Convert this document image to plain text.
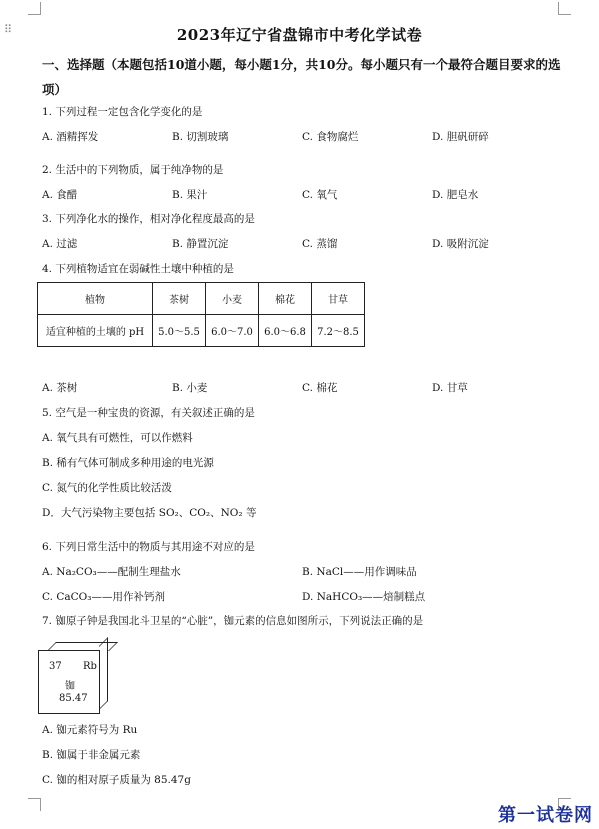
⠿	2023年辽宁省盘锦市中考化学试卷
一、选择题（本题包括10道小题，每小题1分，共10分。每小题只有一个最符合题目要求的选项）
1. 下列过程一定包含化学变化的是
A. 酒精挥发	B. 切割玻璃	C. 食物腐烂	D. 胆矾研碎
2. 生活中的下列物质，属于纯净物的是
A. 食醋	B. 果汁	C. 氧气	D. 肥皂水
3. 下列净化水的操作，相对净化程度最高的是
A. 过滤	B. 静置沉淀	C. 蒸馏	D. 吸附沉淀
4. 下列植物适宜在弱碱性土壤中种植的是
植物	茶树	小麦	棉花	甘草
适宜种植的土壤的 pH	5.0～5.5	6.0～7.0	6.0～6.8	7.2～8.5
A. 茶树	B. 小麦	C. 棉花	D. 甘草
5. 空气是一种宝贵的资源，有关叙述正确的是
A. 氧气具有可燃性，可以作燃料
B. 稀有气体可制成多种用途的电光源
C. 氮气的化学性质比较活泼
D．大气污染物主要包括 SO₂、CO₂、NO₂ 等
6. 下列日常生活中的物质与其用途不对应的是
A. Na₂CO₃——配制生理盐水	B. NaCl——用作调味品
C. CaCO₃——用作补钙剂	D. NaHCO₃——焙制糕点
7. 铷原子钟是我国北斗卫星的“心脏”，铷元素的信息如图所示，下列说法正确的是
37 Rb
铷
85.47
A. 铷元素符号为 Ru
B. 铷属于非金属元素
C. 铷的相对原子质量为 85.47g
第一试卷网
